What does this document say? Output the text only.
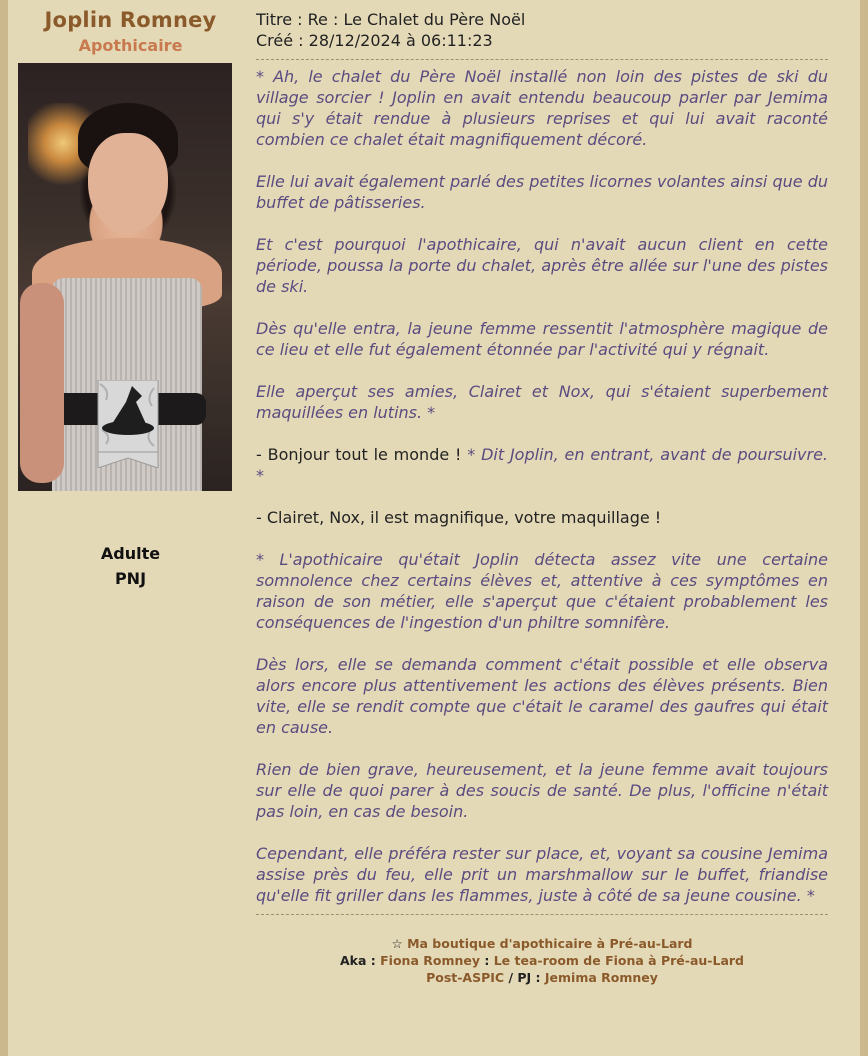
Joplin Romney
Apothicaire
Adulte
PNJ
Titre : Re : Le Chalet du Père Noël
Créé : 28/12/2024 à 06:11:23

* Ah, le chalet du Père Noël installé non loin des pistes de ski du village sorcier ! Joplin en avait entendu beaucoup parler par Jemima qui s'y était rendue à plusieurs reprises et qui lui avait raconté combien ce chalet était magnifiquement décoré.

Elle lui avait également parlé des petites licornes volantes ainsi que du buffet de pâtisseries.

Et c'est pourquoi l'apothicaire, qui n'avait aucun client en cette période, poussa la porte du chalet, après être allée sur l'une des pistes de ski.

Dès qu'elle entra, la jeune femme ressentit l'atmosphère magique de ce lieu et elle fut également étonnée par l'activité qui y régnait.

Elle aperçut ses amies, Clairet et Nox, qui s'étaient superbement maquillées en lutins. *

- Bonjour tout le monde ! * Dit Joplin, en entrant, avant de poursuivre. *

- Clairet, Nox, il est magnifique, votre maquillage !

* L'apothicaire qu'était Joplin détecta assez vite une certaine somnolence chez certains élèves et, attentive à ces symptômes en raison de son métier, elle s'aperçut que c'étaient probablement les conséquences de l'ingestion d'un philtre somnifère.

Dès lors, elle se demanda comment c'était possible et elle observa alors encore plus attentivement les actions des élèves présents. Bien vite, elle se rendit compte que c'était le caramel des gaufres qui était en cause.

Rien de bien grave, heureusement, et la jeune femme avait toujours sur elle de quoi parer à des soucis de santé. De plus, l'officine n'était pas loin, en cas de besoin.

Cependant, elle préféra rester sur place, et, voyant sa cousine Jemima assise près du feu, elle prit un marshmallow sur le buffet, friandise qu'elle fit griller dans les flammes, juste à côté de sa jeune cousine. *

☆ Ma boutique d'apothicaire à Pré-au-Lard
Aka : Fiona Romney : Le tea-room de Fiona à Pré-au-Lard
Post-ASPIC / PJ : Jemima Romney
